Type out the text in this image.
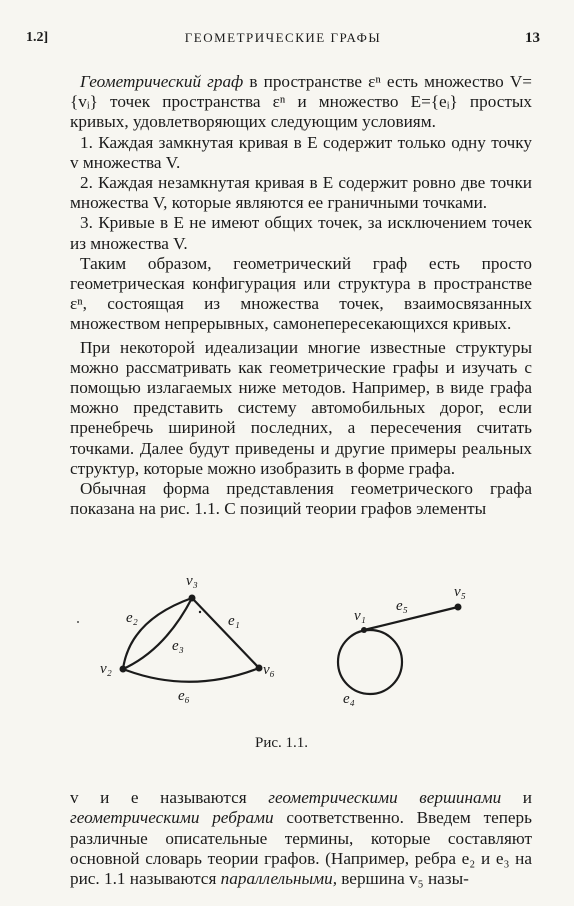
1.2]	ГЕОМЕТРИЧЕСКИЕ ГРАФЫ	13

Геометрический граф в пространстве εⁿ есть множество V={vᵢ} точек пространства εⁿ и множество E={eᵢ} простых кривых, удовлетворяющих следующим условиям.

1. Каждая замкнутая кривая в E содержит только одну точку v множества V.

2. Каждая незамкнутая кривая в E содержит ровно две точки множества V, которые являются ее граничными точками.

3. Кривые в E не имеют общих точек, за исключением точек из множества V.

Таким образом, геометрический граф есть просто геометрическая конфигурация или структура в пространстве εⁿ, состоящая из множества точек, взаимосвязанных множеством непрерывных, самонепересекающихся кривых.

При некоторой идеализации многие известные структуры можно рассматривать как геометрические графы и изучать с помощью излагаемых ниже методов. Например, в виде графа можно представить систему автомобильных дорог, если пренебречь шириной последних, а пересечения считать точками. Далее будут приведены и другие примеры реальных структур, которые можно изобразить в форме графа.

Обычная форма представления геометрического графа показана на рис. 1.1. С позиций теории графов элементы

v₃
v₂	v₆
v₁
v₅
e₂
e₃
e₁
e₆
e₅
e₄
Рис. 1.1.

v и e называются геометрическими вершинами и геометрическими ребрами соответственно. Введем теперь различные описательные термины, которые составляют основной словарь теории графов. (Например, ребра e₂ и e₃ на рис. 1.1 называются параллельными, вершина v₅ назы-
